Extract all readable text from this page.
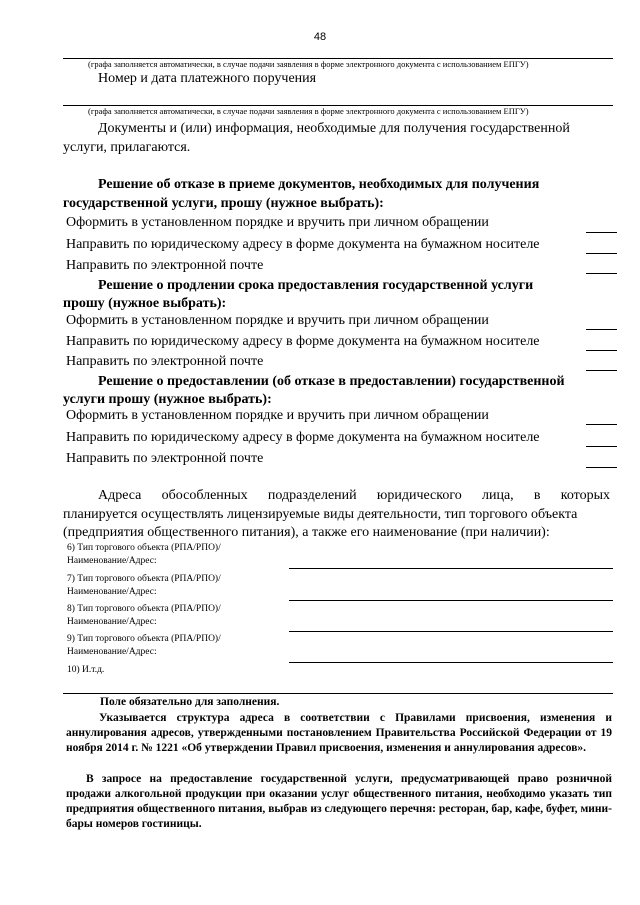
48
(графа заполняется автоматически, в случае подачи заявления в форме электронного документа с использованием ЕПГУ)
Номер и дата платежного поручения
(графа заполняется автоматически, в случае подачи заявления в форме электронного документа с использованием ЕПГУ)
Документы и (или) информация, необходимые для получения государственной
услуги, прилагаются.
Решение об отказе в приеме документов, необходимых для получения
государственной услуги, прошу (нужное выбрать):
Оформить в установленном порядке и вручить при личном обращении
Направить по юридическому адресу в форме документа на бумажном носителе
Направить по электронной почте
Решение о продлении срока предоставления государственной услуги
прошу (нужное выбрать):
Оформить в установленном порядке и вручить при личном обращении
Направить по юридическому адресу в форме документа на бумажном носителе
Направить по электронной почте
Решение о предоставлении (об отказе в предоставлении) государственной
услуги прошу (нужное выбрать):
Оформить в установленном порядке и вручить при личном обращении
Направить по юридическому адресу в форме документа на бумажном носителе
Направить по электронной почте
Адреса обособленных подразделений юридического лица, в которых
планируется осуществлять лицензируемые виды деятельности, тип торгового объекта
(предприятия общественного питания), а также его наименование (при наличии):
6) Тип торгового объекта (РПА/РПО)/
Наименование/Адрес:
7) Тип торгового объекта (РПА/РПО)/
Наименование/Адрес:
8) Тип торгового объекта (РПА/РПО)/
Наименование/Адрес:
9) Тип торгового объекта (РПА/РПО)/
Наименование/Адрес:
10) И.т.д.
Поле обязательно для заполнения.
Указывается структура адреса в соответствии с Правилами присвоения, изменения и аннулирования адресов, утвержденными постановлением Правительства Российской Федерации от 19 ноября 2014 г. № 1221 «Об утверждении Правил присвоения, изменения и аннулирования адресов».
В запросе на предоставление государственной услуги, предусматривающей право розничной продажи алкогольной продукции при оказании услуг общественного питания, необходимо указать тип предприятия общественного питания, выбрав из следующего перечня: ресторан, бар, кафе, буфет, мини-бары номеров гостиницы.
